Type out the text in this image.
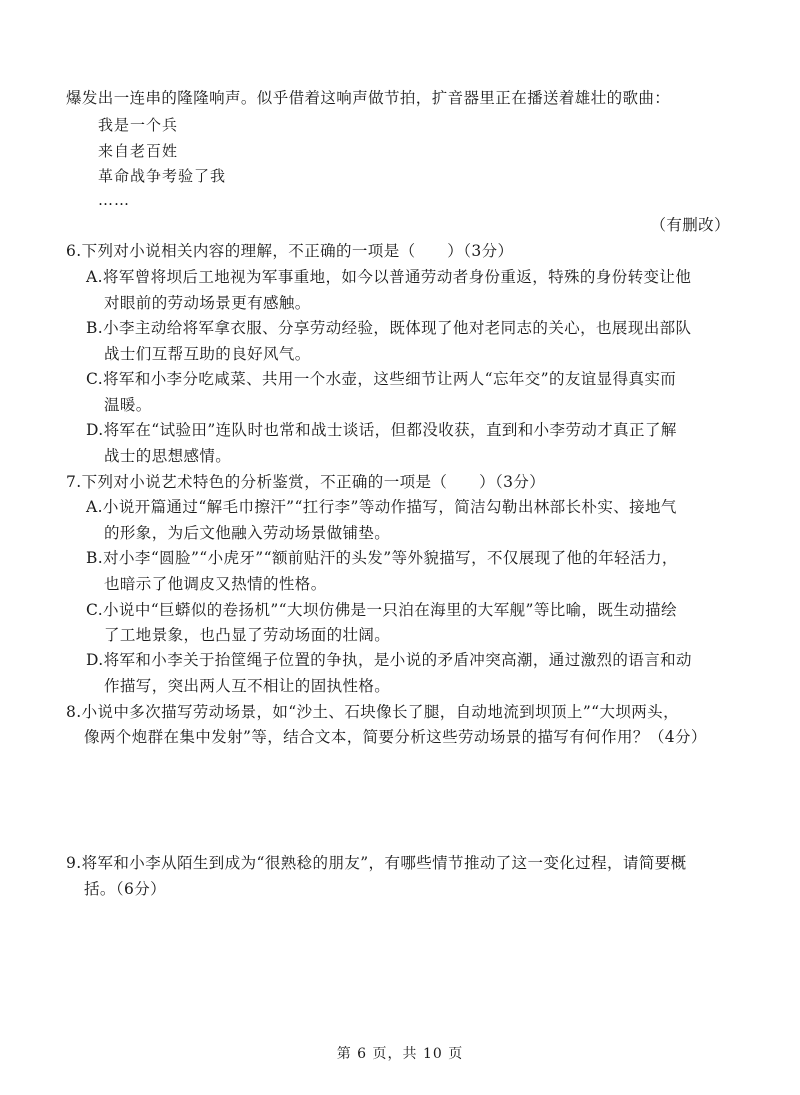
爆发出一连串的隆隆响声。似乎借着这响声做节拍，扩音器里正在播送着雄壮的歌曲：
我是一个兵
来自老百姓
革命战争考验了我
……
（有删改）
6.下列对小说相关内容的理解，不正确的一项是（　　）（3分）
A.将军曾将坝后工地视为军事重地，如今以普通劳动者身份重返，特殊的身份转变让他
对眼前的劳动场景更有感触。
B.小李主动给将军拿衣服、分享劳动经验，既体现了他对老同志的关心，也展现出部队
战士们互帮互助的良好风气。
C.将军和小李分吃咸菜、共用一个水壶，这些细节让两人“忘年交”的友谊显得真实而
温暖。
D.将军在“试验田”连队时也常和战士谈话，但都没收获，直到和小李劳动才真正了解
战士的思想感情。
7.下列对小说艺术特色的分析鉴赏，不正确的一项是（　　）（3分）
A.小说开篇通过“解毛巾擦汗”“扛行李”等动作描写，简洁勾勒出林部长朴实、接地气
的形象，为后文他融入劳动场景做铺垫。
B.对小李“圆脸”“小虎牙”“额前贴汗的头发”等外貌描写，不仅展现了他的年轻活力，
也暗示了他调皮又热情的性格。
C.小说中“巨蟒似的卷扬机”“大坝仿佛是一只泊在海里的大军舰”等比喻，既生动描绘
了工地景象，也凸显了劳动场面的壮阔。
D.将军和小李关于抬筐绳子位置的争执，是小说的矛盾冲突高潮，通过激烈的语言和动
作描写，突出两人互不相让的固执性格。
8.小说中多次描写劳动场景，如“沙土、石块像长了腿，自动地流到坝顶上”“大坝两头，
像两个炮群在集中发射”等，结合文本，简要分析这些劳动场景的描写有何作用？（4分）
9.将军和小李从陌生到成为“很熟稔的朋友”，有哪些情节推动了这一变化过程，请简要概
括。（6分）
第 6 页，共 10 页
